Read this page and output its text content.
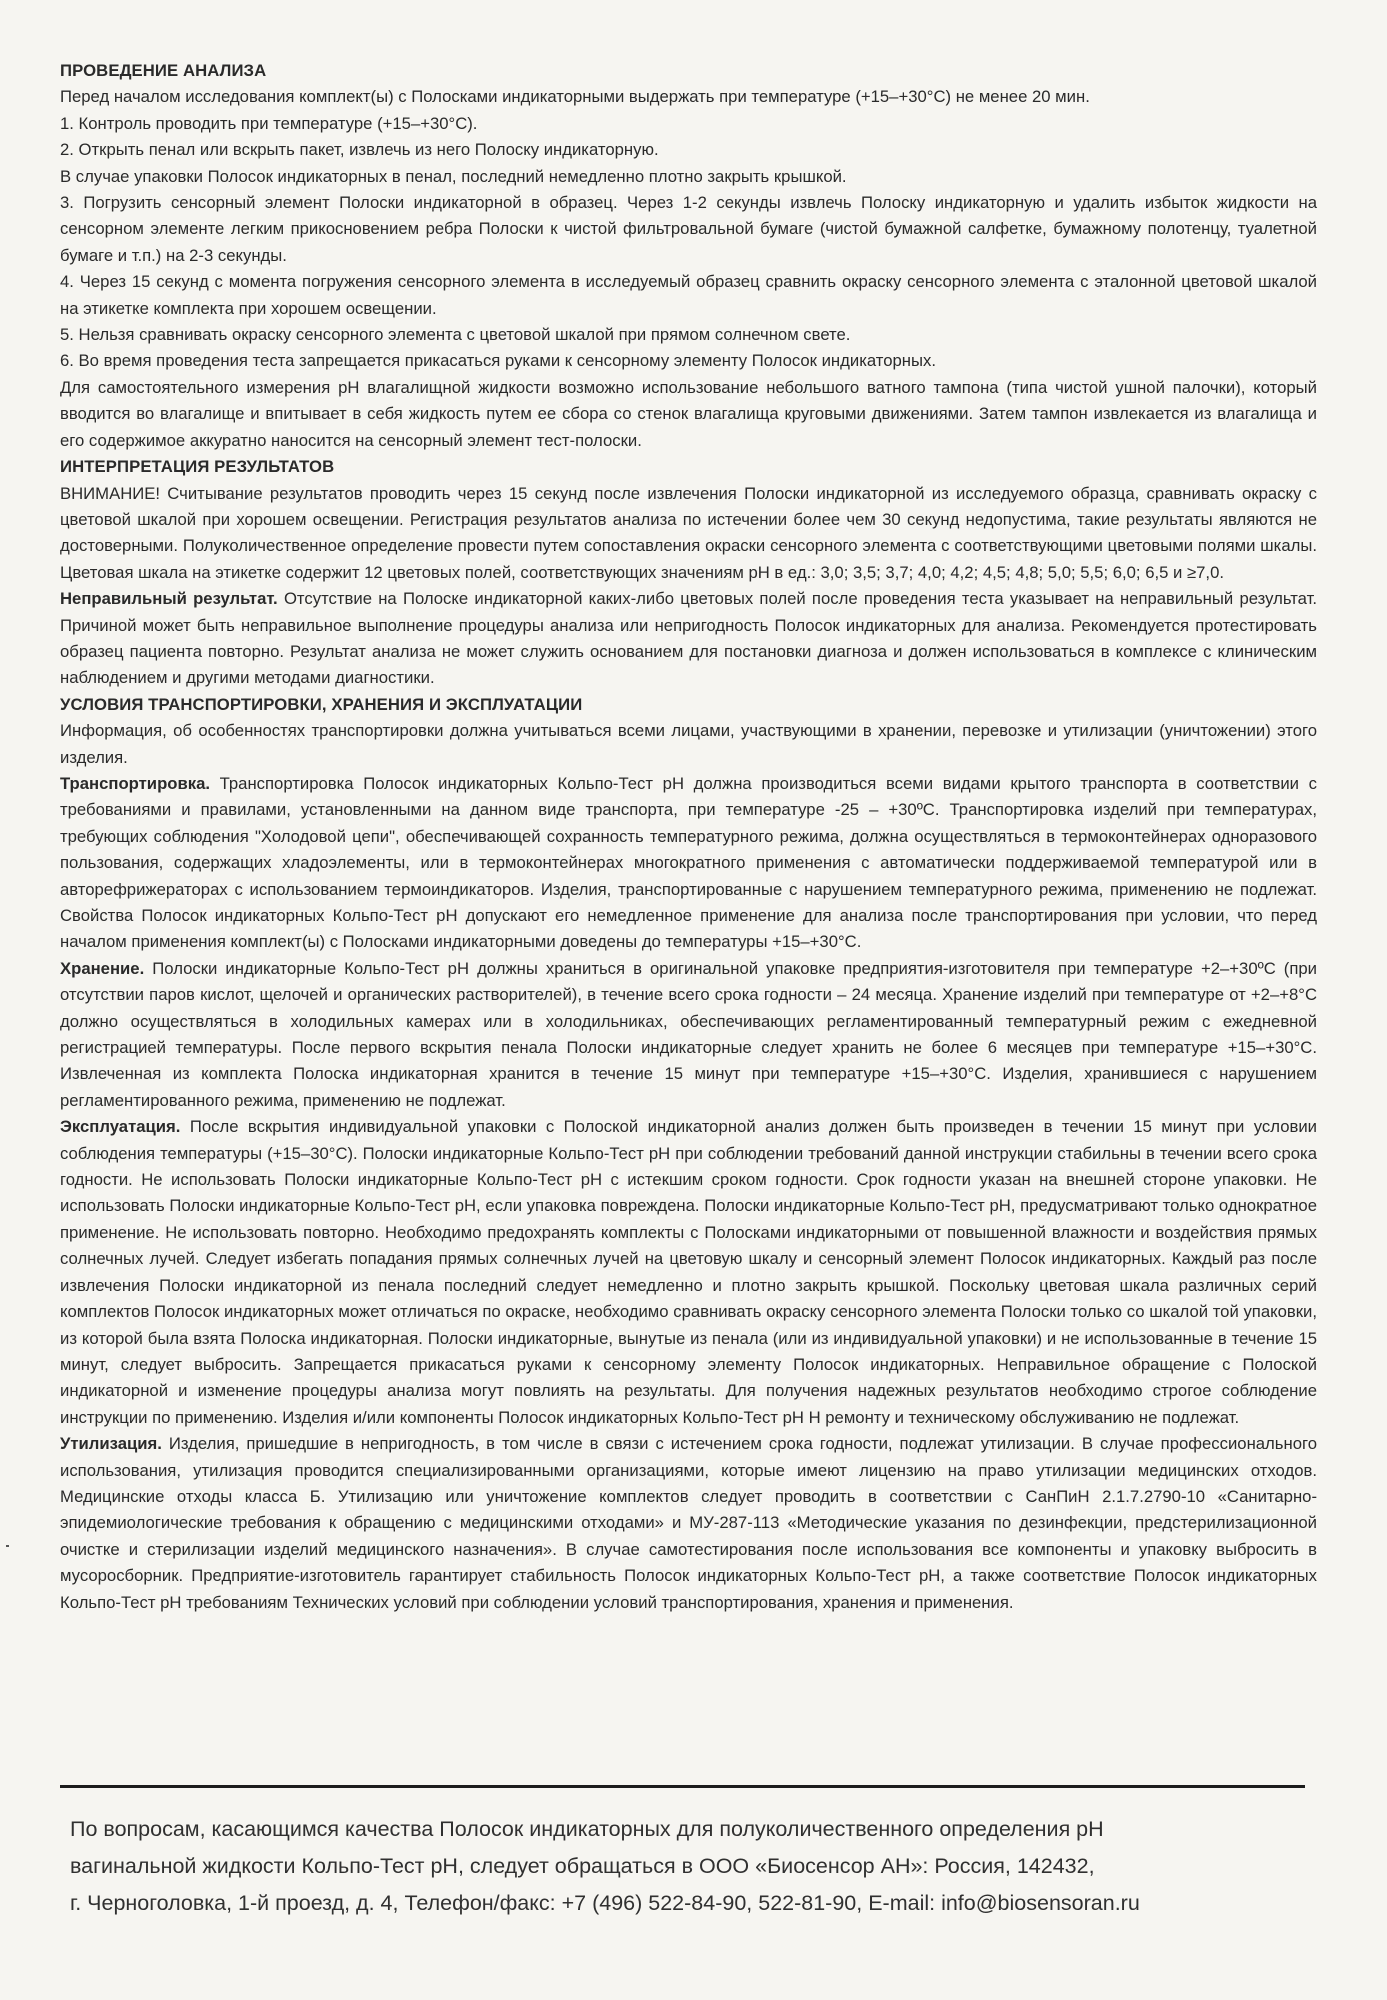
ПРОВЕДЕНИЕ АНАЛИЗА

Перед началом исследования комплект(ы) с Полосками индикаторными выдержать при температуре (+15–+30°С) не менее 20 мин.

1. Контроль проводить при температуре (+15–+30°С).

2. Открыть пенал или вскрыть пакет, извлечь из него Полоску индикаторную.

В случае упаковки Полосок индикаторных в пенал, последний немедленно плотно закрыть крышкой.

3. Погрузить сенсорный элемент Полоски индикаторной в образец. Через 1-2 секунды извлечь Полоску индикаторную и удалить избыток жидкости на сенсорном элементе легким прикосновением ребра Полоски к чистой фильтровальной бумаге (чистой бумажной салфетке, бумажному полотенцу, туалетной бумаге и т.п.) на 2-3 секунды.

4. Через 15 секунд с момента погружения сенсорного элемента в исследуемый образец сравнить окраску сенсорного элемента с эталонной цветовой шкалой на этикетке комплекта при хорошем освещении.

5. Нельзя сравнивать окраску сенсорного элемента с цветовой шкалой при прямом солнечном свете.

6. Во время проведения теста запрещается прикасаться руками к сенсорному элементу Полосок индикаторных.

Для самостоятельного измерения pH влагалищной жидкости возможно использование небольшого ватного тампона (типа чистой ушной палочки), который вводится во влагалище и впитывает в себя жидкость путем ее сбора со стенок влагалища круговыми движениями. Затем тампон извлекается из влагалища и его содержимое аккуратно наносится на сенсорный элемент тест-полоски.

ИНТЕРПРЕТАЦИЯ РЕЗУЛЬТАТОВ

ВНИМАНИЕ! Считывание результатов проводить через 15 секунд после извлечения Полоски индикаторной из исследуемого образца, сравнивать окраску с цветовой шкалой при хорошем освещении. Регистрация результатов анализа по истечении более чем 30 секунд недопустима, такие результаты являются не достоверными. Полуколичественное определение провести путем сопоставления окраски сенсорного элемента с соответствующими цветовыми полями шкалы. Цветовая шкала на этикетке содержит 12 цветовых полей, соответствующих значениям pH в ед.: 3,0; 3,5; 3,7; 4,0; 4,2; 4,5; 4,8; 5,0; 5,5; 6,0; 6,5 и ≥7,0.

Неправильный результат. Отсутствие на Полоске индикаторной каких-либо цветовых полей после проведения теста указывает на неправильный результат. Причиной может быть неправильное выполнение процедуры анализа или непригодность Полосок индикаторных для анализа. Рекомендуется протестировать образец пациента повторно. Результат анализа не может служить основанием для постановки диагноза и должен использоваться в комплексе с клиническим наблюдением и другими методами диагностики.

УСЛОВИЯ ТРАНСПОРТИРОВКИ, ХРАНЕНИЯ И ЭКСПЛУАТАЦИИ

Информация, об особенностях транспортировки должна учитываться всеми лицами, участвующими в хранении, перевозке и утилизации (уничтожении) этого изделия.

Транспортировка. Транспортировка Полосок индикаторных Кольпо-Тест pH должна производиться всеми видами крытого транспорта в соответствии с требованиями и правилами, установленными на данном виде транспорта, при температуре -25 – +30ºС. Транспортировка изделий при температурах, требующих соблюдения "Холодовой цепи", обеспечивающей сохранность температурного режима, должна осуществляться в термоконтейнерах одноразового пользования, содержащих хладоэлементы, или в термоконтейнерах многократного применения с автоматически поддерживаемой температурой или в авторефрижераторах с использованием термоиндикаторов. Изделия, транспортированные с нарушением температурного режима, применению не подлежат. Свойства Полосок индикаторных Кольпо-Тест pH допускают его немедленное применение для анализа после транспортирования при условии, что перед началом применения комплект(ы) с Полосками индикаторными доведены до температуры +15–+30°С.

Хранение. Полоски индикаторные Кольпо-Тест pH должны храниться в оригинальной упаковке предприятия-изготовителя при температуре +2–+30ºС (при отсутствии паров кислот, щелочей и органических растворителей), в течение всего срока годности – 24 месяца. Хранение изделий при температуре от +2–+8°С должно осуществляться в холодильных камерах или в холодильниках, обеспечивающих регламентированный температурный режим с ежедневной регистрацией температуры. После первого вскрытия пенала Полоски индикаторные следует хранить не более 6 месяцев при температуре +15–+30°С. Извлеченная из комплекта Полоска индикаторная хранится в течение 15 минут при температуре +15–+30°С. Изделия, хранившиеся с нарушением регламентированного режима, применению не подлежат.

Эксплуатация. После вскрытия индивидуальной упаковки с Полоской индикаторной анализ должен быть произведен в течении 15 минут при условии соблюдения температуры (+15–30°С). Полоски индикаторные Кольпо-Тест pH при соблюдении требований данной инструкции стабильны в течении всего срока годности. Не использовать Полоски индикаторные Кольпо-Тест pH с истекшим сроком годности. Срок годности указан на внешней стороне упаковки. Не использовать Полоски индикаторные Кольпо-Тест pH, если упаковка повреждена. Полоски индикаторные Кольпо-Тест pH, предусматривают только однократное применение. Не использовать повторно. Необходимо предохранять комплекты с Полосками индикаторными от повышенной влажности и воздействия прямых солнечных лучей. Следует избегать попадания прямых солнечных лучей на цветовую шкалу и сенсорный элемент Полосок индикаторных. Каждый раз после извлечения Полоски индикаторной из пенала последний следует немедленно и плотно закрыть крышкой. Поскольку цветовая шкала различных серий комплектов Полосок индикаторных может отличаться по окраске, необходимо сравнивать окраску сенсорного элемента Полоски только со шкалой той упаковки, из которой была взята Полоска индикаторная. Полоски индикаторные, вынутые из пенала (или из индивидуальной упаковки) и не использованные в течение 15 минут, следует выбросить. Запрещается прикасаться руками к сенсорному элементу Полосок индикаторных. Неправильное обращение с Полоской индикаторной и изменение процедуры анализа могут повлиять на результаты. Для получения надежных результатов необходимо строгое соблюдение инструкции по применению. Изделия и/или компоненты Полосок индикаторных Кольпо-Тест pH Н ремонту и техническому обслуживанию не подлежат.

Утилизация. Изделия, пришедшие в непригодность, в том числе в связи с истечением срока годности, подлежат утилизации. В случае профессионального использования, утилизация проводится специализированными организациями, которые имеют лицензию на право утилизации медицинских отходов. Медицинские отходы класса Б. Утилизацию или уничтожение комплектов следует проводить в соответствии с СанПиН 2.1.7.2790-10 «Санитарно-эпидемиологические требования к обращению с медицинскими отходами» и МУ-287-113 «Методические указания по дезинфекции, предстерилизационной очистке и стерилизации изделий медицинского назначения». В случае самотестирования после использования все компоненты и упаковку выбросить в мусоросборник. Предприятие-изготовитель гарантирует стабильность Полосок индикаторных Кольпо-Тест pH, а также соответствие Полосок индикаторных Кольпо-Тест pH требованиям Технических условий при соблюдении условий транспортирования, хранения и применения.

По вопросам, касающимся качества Полосок индикаторных для полуколичественного определения pH

вагинальной жидкости Кольпо-Тест pH, следует обращаться в ООО «Биосенсор АН»: Россия, 142432,

г. Черноголовка, 1-й проезд, д. 4, Телефон/факс: +7 (496) 522-84-90, 522-81-90, E-mail: info@biosensoran.ru
